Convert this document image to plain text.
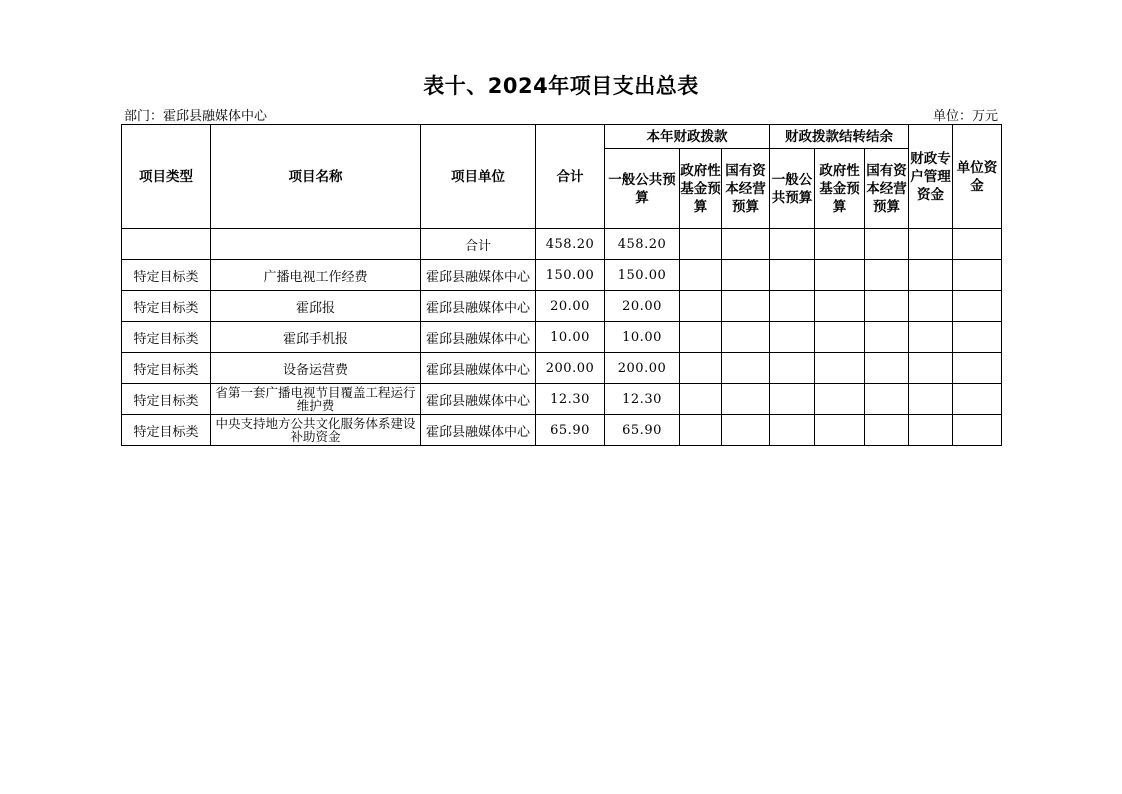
表十、2024年项目支出总表
部门：霍邱县融媒体中心	单位：万元
项目类型	项目名称	项目单位	合计	本年财政拨款			财政拨款结转结余			财政专户管理资金	单位资金	
				一般公共预算	政府性基金预算	国有资本经营预算	一般公共预算	政府性基金预算	国有资本经营预算			
		合计	458.20	458.20								
特定目标类	广播电视工作经费	霍邱县融媒体中心	150.00	150.00								
特定目标类	霍邱报	霍邱县融媒体中心	20.00	20.00								
特定目标类	霍邱手机报	霍邱县融媒体中心	10.00	10.00								
特定目标类	设备运营费	霍邱县融媒体中心	200.00	200.00								
特定目标类	省第一套广播电视节目覆盖工程运行维护费	霍邱县融媒体中心	12.30	12.30								
特定目标类	中央支持地方公共文化服务体系建设补助资金	霍邱县融媒体中心	65.90	65.90								
